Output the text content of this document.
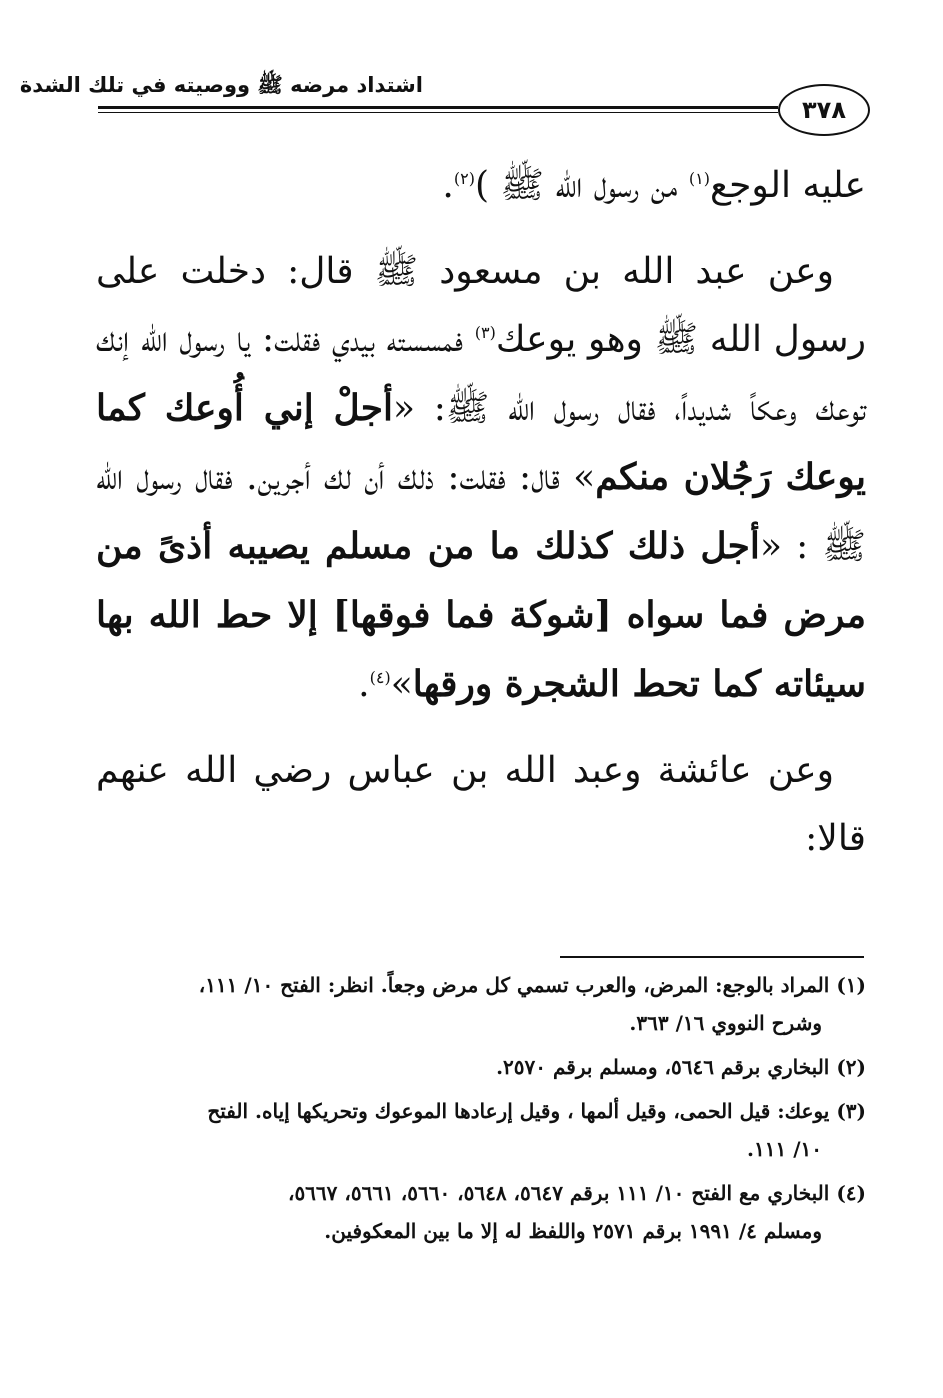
اشتداد مرضه ﷺ ووصيته في تلك الشدة
٣٧٨

عليه الوجع$^{(١)}$ من رسول الله ﷺ )$^{(٢)}$.

وعن عبد الله بن مسعود ﷺ قال: دخلت على رسول الله ﷺ وهو يوعك$^{(٣)}$ فمسسته بيدي فقلت: يا رسول الله إنك توعك وعكاً شديداً، فقال رسول الله ﷺ: «أجلْ إني أُوعك كما يوعك رَجُلان منكم» قال: فقلت: ذلك أن لك أجرين. فقال رسول الله ﷺ : «أجل ذلك كذلك ما من مسلم يصيبه أذىً من مرض فما سواه [شوكة فما فوقها] إلا حط الله بها سيئاته كما تحط الشجرة ورقها»$^{(٤)}$.

وعن عائشة وعبد الله بن عباس رضي الله عنهم قالا:

(١) المراد بالوجع: المرض، والعرب تسمي كل مرض وجعاً. انظر: الفتح ١٠/ ١١١،
وشرح النووي ١٦/ ٣٦٣.
(٢) البخاري برقم ٥٦٤٦، ومسلم برقم ٢٥٧٠.
(٣) يوعك: قيل الحمى، وقيل ألمها ، وقيل إرعادها الموعوك وتحريكها إياه. الفتح
١٠/ ١١١.
(٤) البخاري مع الفتح ١٠/ ١١١ برقم ٥٦٤٧، ٥٦٤٨، ٥٦٦٠، ٥٦٦١، ٥٦٦٧،
ومسلم ٤/ ١٩٩١ برقم ٢٥٧١ واللفظ له إلا ما بين المعكوفين.
